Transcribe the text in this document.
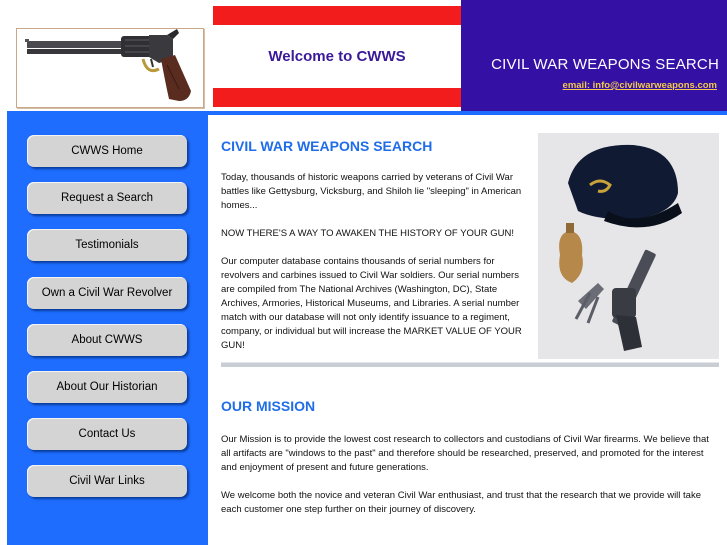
Welcome to CWWS	CIVIL WAR WEAPONS SEARCH
email: info@civilwarweapons.com
CWWS Home
Request a Search
Testimonials
Own a Civil War Revolver
About CWWS
About Our Historian
Contact Us
Civil War Links
CIVIL WAR WEAPONS SEARCH

Today, thousands of historic weapons carried by veterans of Civil War battles like Gettysburg, Vicksburg, and Shiloh lie "sleeping" in American homes...

NOW THERE'S A WAY TO AWAKEN THE HISTORY OF YOUR GUN!

Our computer database contains thousands of serial numbers for revolvers and carbines issued to Civil War soldiers. Our serial numbers are compiled from The National Archives (Washington, DC), State Archives, Armories, Historical Museums, and Libraries. A serial number match with our database will not only identify issuance to a regiment, company, or individual but will increase the MARKET VALUE OF YOUR GUN!

OUR MISSION

Our Mission is to provide the lowest cost research to collectors and custodians of Civil War firearms. We believe that all artifacts are "windows to the past" and therefore should be researched, preserved, and promoted for the interest and enjoyment of present and future generations.

We welcome both the novice and veteran Civil War enthusiast, and trust that the research that we provide will take each customer one step further on their journey of discovery.
